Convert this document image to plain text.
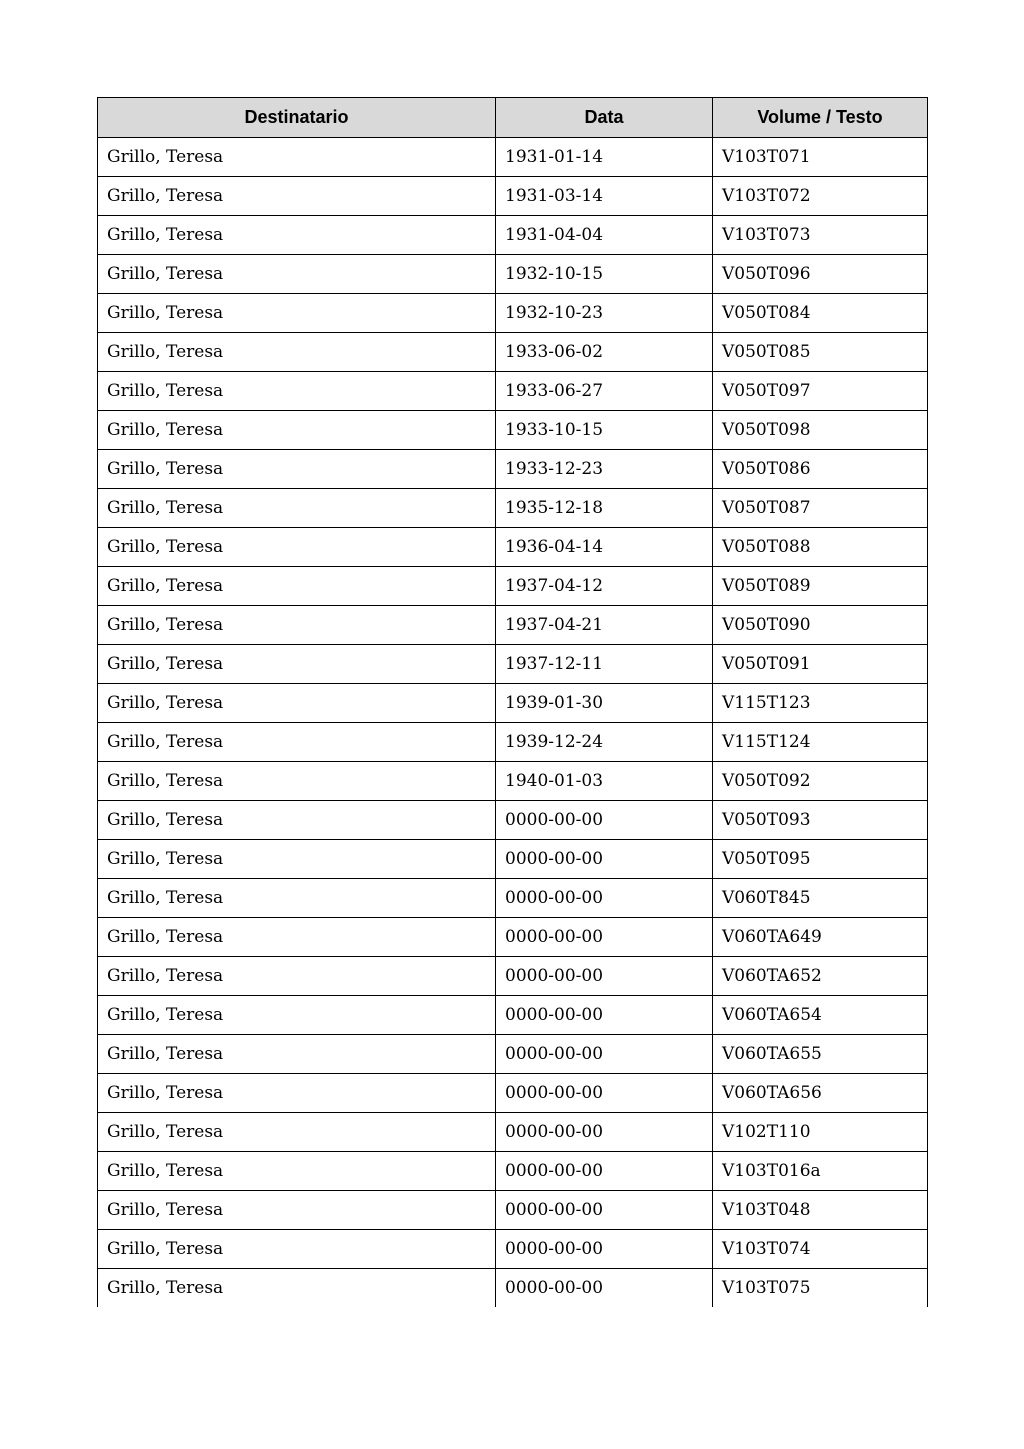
Destinatario	Data	Volume / Testo
Grillo, Teresa	1931-01-14	V103T071
Grillo, Teresa	1931-03-14	V103T072
Grillo, Teresa	1931-04-04	V103T073
Grillo, Teresa	1932-10-15	V050T096
Grillo, Teresa	1932-10-23	V050T084
Grillo, Teresa	1933-06-02	V050T085
Grillo, Teresa	1933-06-27	V050T097
Grillo, Teresa	1933-10-15	V050T098
Grillo, Teresa	1933-12-23	V050T086
Grillo, Teresa	1935-12-18	V050T087
Grillo, Teresa	1936-04-14	V050T088
Grillo, Teresa	1937-04-12	V050T089
Grillo, Teresa	1937-04-21	V050T090
Grillo, Teresa	1937-12-11	V050T091
Grillo, Teresa	1939-01-30	V115T123
Grillo, Teresa	1939-12-24	V115T124
Grillo, Teresa	1940-01-03	V050T092
Grillo, Teresa	0000-00-00	V050T093
Grillo, Teresa	0000-00-00	V050T095
Grillo, Teresa	0000-00-00	V060T845
Grillo, Teresa	0000-00-00	V060TA649
Grillo, Teresa	0000-00-00	V060TA652
Grillo, Teresa	0000-00-00	V060TA654
Grillo, Teresa	0000-00-00	V060TA655
Grillo, Teresa	0000-00-00	V060TA656
Grillo, Teresa	0000-00-00	V102T110
Grillo, Teresa	0000-00-00	V103T016a
Grillo, Teresa	0000-00-00	V103T048
Grillo, Teresa	0000-00-00	V103T074
Grillo, Teresa	0000-00-00	V103T075
